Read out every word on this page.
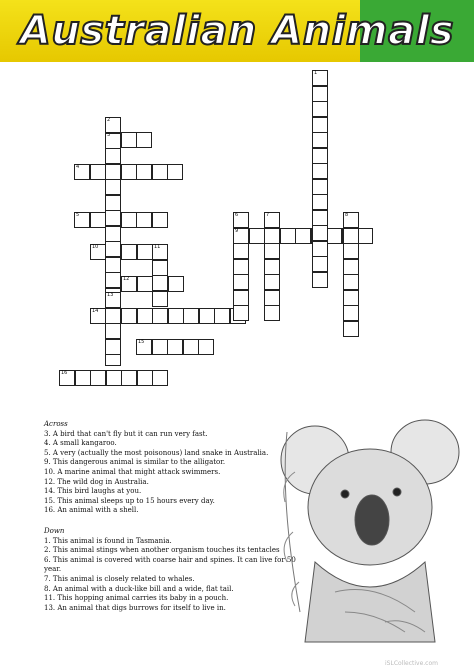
Australian Animals
1
2
3
4
5	6	7	8
9
10	11
12
13
14
15
16
Across
3. A bird that can't fly but it can run very fast.
4. A small kangaroo.
5. A very (actually the most poisonous) land snake in Australia.
9. This dangerous animal is similar to the alligator.
10. A marine animal that might attack swimmers.
12. The wild dog in Australia.
14. This bird laughs at you.
15. This animal sleeps up to 15 hours every day.
16. An animal with a shell.
Down
1. This animal is found in Tasmania.
2. This animal stings when another organism touches its tentacles
6. This animal is covered with coarse hair and spines. It can live for 50 year.
7. This animal is closely related to whales.
8. An animal with a duck-like bill and a wide, flat tail.
11. This hopping animal carries its baby in a pouch.
13. An animal that digs burrows for itself to live in.
iSLCollective.com
